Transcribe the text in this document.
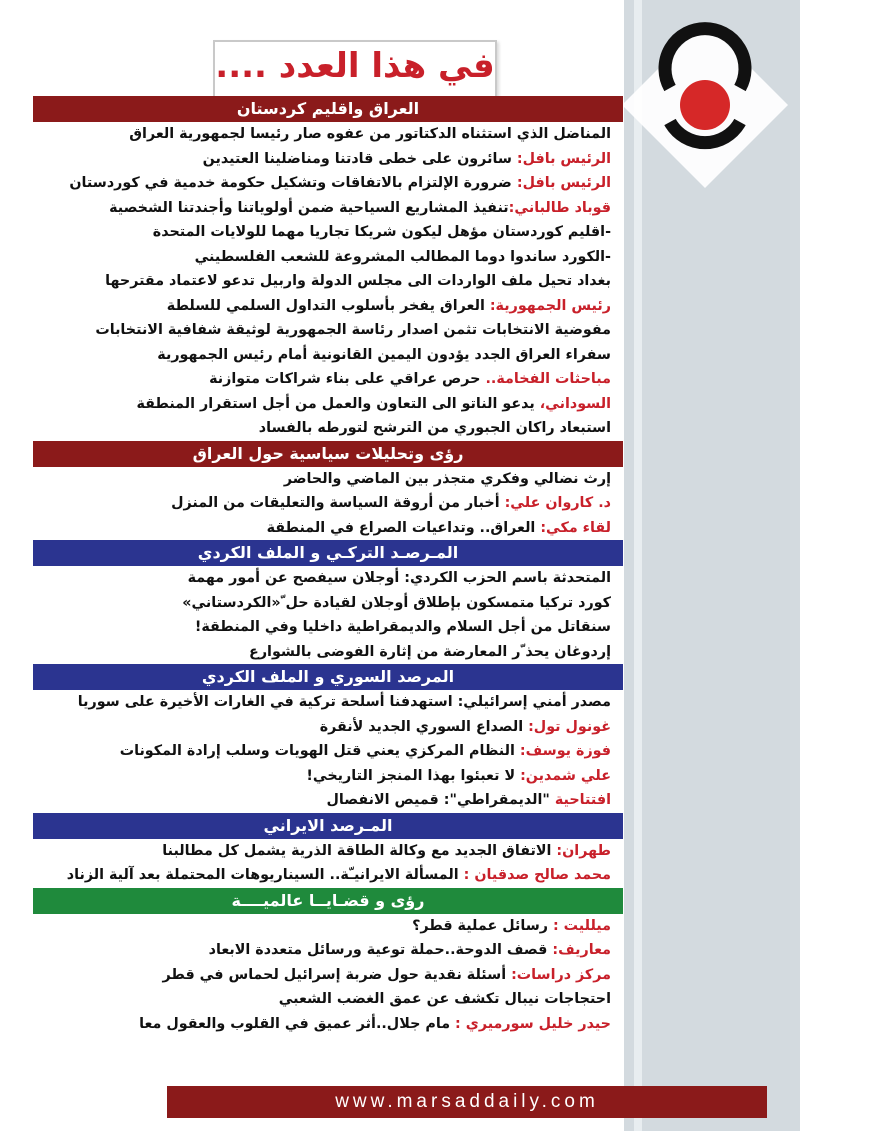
marsaddaily.com
في هذا العدد ....
العراق واقليم كردستان
المناضل الذي استثناه الدكتاتور من عفوه صار رئيسا لجمهورية العراق
الرئيس بافل: سائرون على خطى قادتنا ومناضلينا العتيدين
الرئيس بافل: ضرورة الإلتزام بالاتفاقات وتشكيل حكومة خدمية في كوردستان
قوباد طالباني:تنفيذ المشاريع السياحية ضمن أولوياتنا وأجندتنا الشخصية
-اقليم كوردستان مؤهل ليكون شريكا تجاريا مهما للولايات المتحدة
-الكورد ساندوا دوما المطالب المشروعة للشعب الفلسطيني
بغداد تحيل ملف الواردات الى مجلس الدولة واربيل تدعو لاعتماد مقترحها
رئيس الجمهورية: العراق يفخر بأسلوب التداول السلمي للسلطة
مفوضية الانتخابات تثمن اصدار رئاسة الجمهورية لوثيقة شفافية الانتخابات
سفراء العراق الجدد يؤدون اليمين القانونية أمام رئيس الجمهورية
مباحثات الفخامة.. حرص عراقي على بناء شراكات متوازنة
السوداني، يدعو الناتو الى التعاون والعمل من أجل استقرار المنطقة
استبعاد راكان الجبوري من الترشح لتورطه بالفساد
رؤى وتحليلات سياسية حول العراق
إرث نضالي وفكري متجذر بين الماضي والحاضر
د. كاروان علي: أخبار من أروقة السياسة والتعليقات من المنزل
لقاء مكي: العراق.. وتداعيات الصراع في المنطقة
المـرصـد التركـي و الملف الكردي
المتحدثة باسم الحزب الكردي: أوجلان سيفصح عن أمور مهمة
كورد تركيا متمسكون بإطلاق أوجلان لقيادة حل ّ«الكردستاني»
سنقاتل من أجل السلام والديمقراطية داخليا وفي المنطقة!
إردوغان يحذ ّر المعارضة من إثارة الفوضى بالشوارع
المرصد السوري و الملف الكردي
مصدر أمني إسرائيلي: استهدفنا أسلحة تركية في الغارات الأخيرة على سوريا
غونول تول: الصداع السوري الجديد لأنقرة
فوزة يوسف: النظام المركزي يعني قتل الهويات وسلب إرادة المكونات
علي شمدين: لا تعبئوا بهذا المنجز التاريخي!
افتتاحية "الديمقراطي": قميص الانفصال
المـرصد الايراني
طهران: الاتفاق الجديد مع وكالة الطاقة الذرية يشمل كل مطالبنا
محمد صالح صدقيان : المسألة الايرانيـّة.. السيناريوهات المحتملة بعد آلية الزناد
رؤى و قضـايــا عالميــــة
ميلليت : رسائل عملية قطر؟
معاريف: قصف الدوحة..حملة توعية ورسائل متعددة الابعاد
مركز دراسات: أسئلة نقدية حول ضربة إسرائيل لحماس في قطر
احتجاجات نيبال تكشف عن عمق الغضب الشعبي
حيدر خليل سورميري : مام جلال..أثر عميق في القلوب والعقول معا
www.marsaddaily.com
